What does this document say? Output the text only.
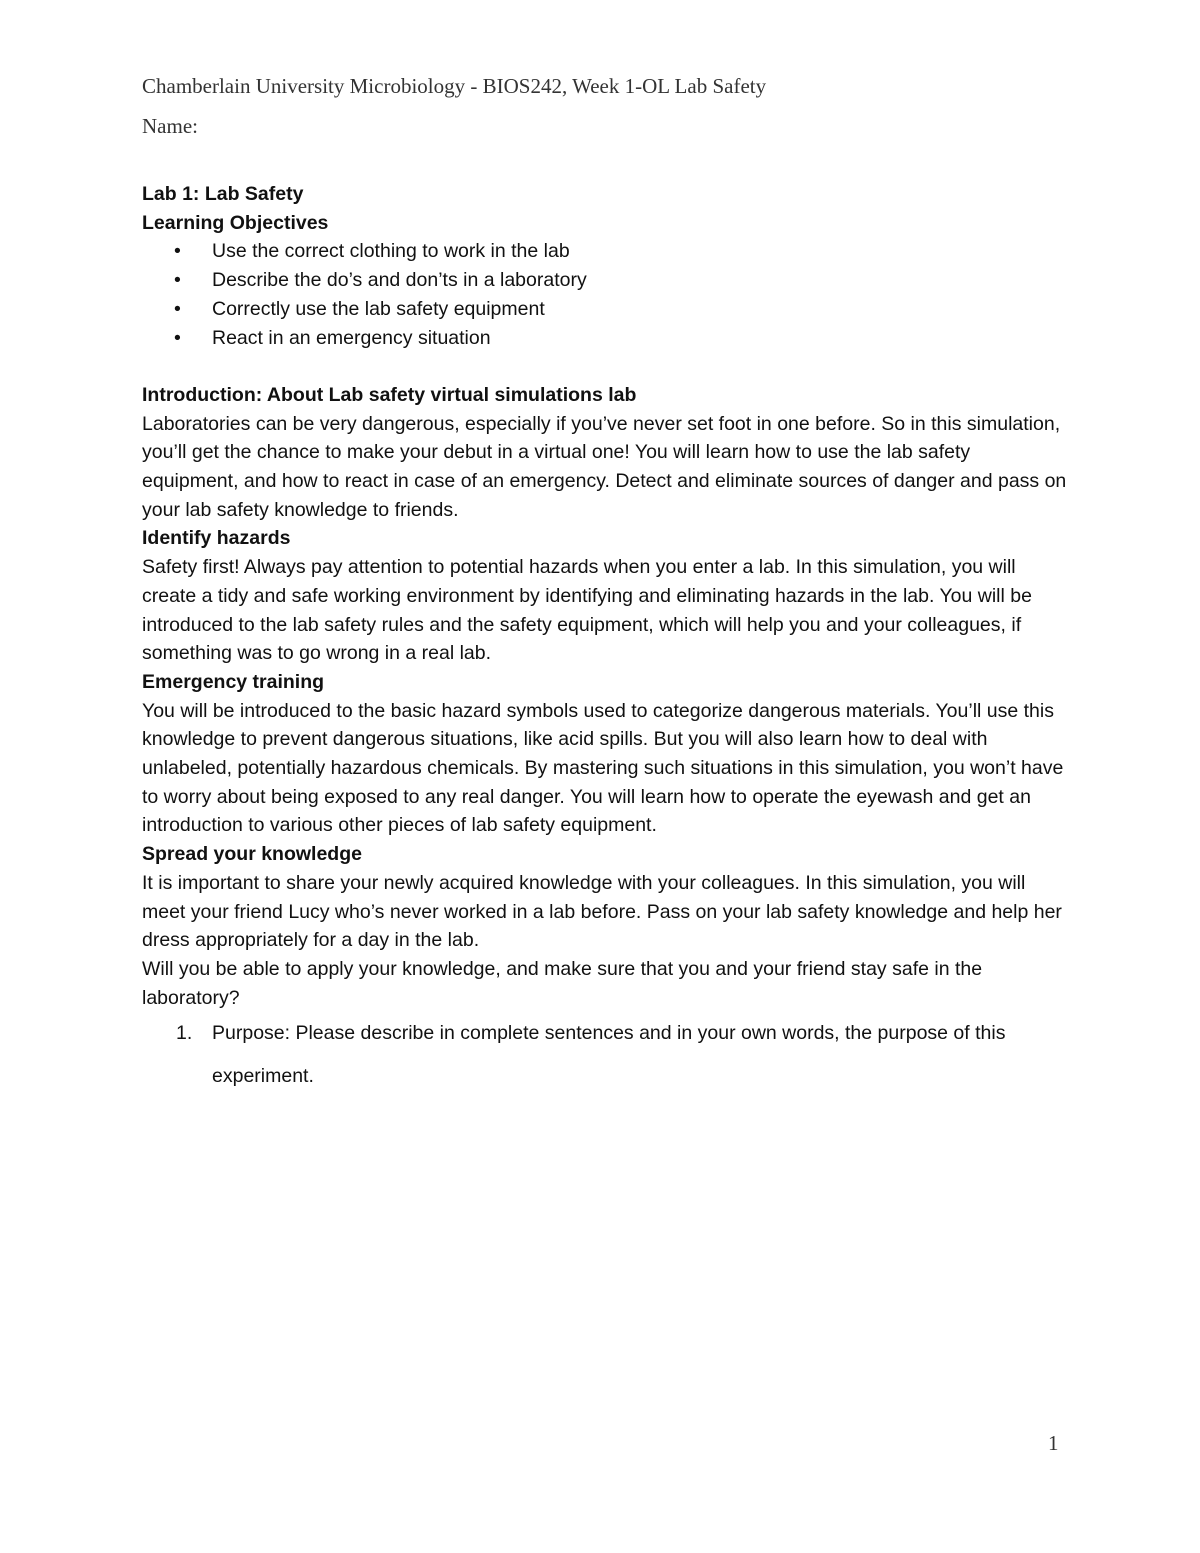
Chamberlain University Microbiology - BIOS242, Week 1-OL Lab Safety
Name:

Lab 1: Lab Safety

Learning Objectives

• Use the correct clothing to work in the lab
• Describe the do’s and don’ts in a laboratory
• Correctly use the lab safety equipment
• React in an emergency situation

Introduction: About Lab safety virtual simulations lab

Laboratories can be very dangerous, especially if you’ve never set foot in one before. So in this simulation, you’ll get the chance to make your debut in a virtual one! You will learn how to use the lab safety equipment, and how to react in case of an emergency. Detect and eliminate sources of danger and pass on your lab safety knowledge to friends.

Identify hazards

Safety first! Always pay attention to potential hazards when you enter a lab. In this simulation, you will create a tidy and safe working environment by identifying and eliminating hazards in the lab. You will be introduced to the lab safety rules and the safety equipment, which will help you and your colleagues, if something was to go wrong in a real lab.

Emergency training

You will be introduced to the basic hazard symbols used to categorize dangerous materials. You’ll use this knowledge to prevent dangerous situations, like acid spills. But you will also learn how to deal with unlabeled, potentially hazardous chemicals. By mastering such situations in this simulation, you won’t have to worry about being exposed to any real danger. You will learn how to operate the eyewash and get an introduction to various other pieces of lab safety equipment.

Spread your knowledge

It is important to share your newly acquired knowledge with your colleagues. In this simulation, you will meet your friend Lucy who’s never worked in a lab before. Pass on your lab safety knowledge and help her dress appropriately for a day in the lab.

Will you be able to apply your knowledge, and make sure that you and your friend stay safe in the laboratory?

1. Purpose: Please describe in complete sentences and in your own words, the purpose of this experiment.
1
